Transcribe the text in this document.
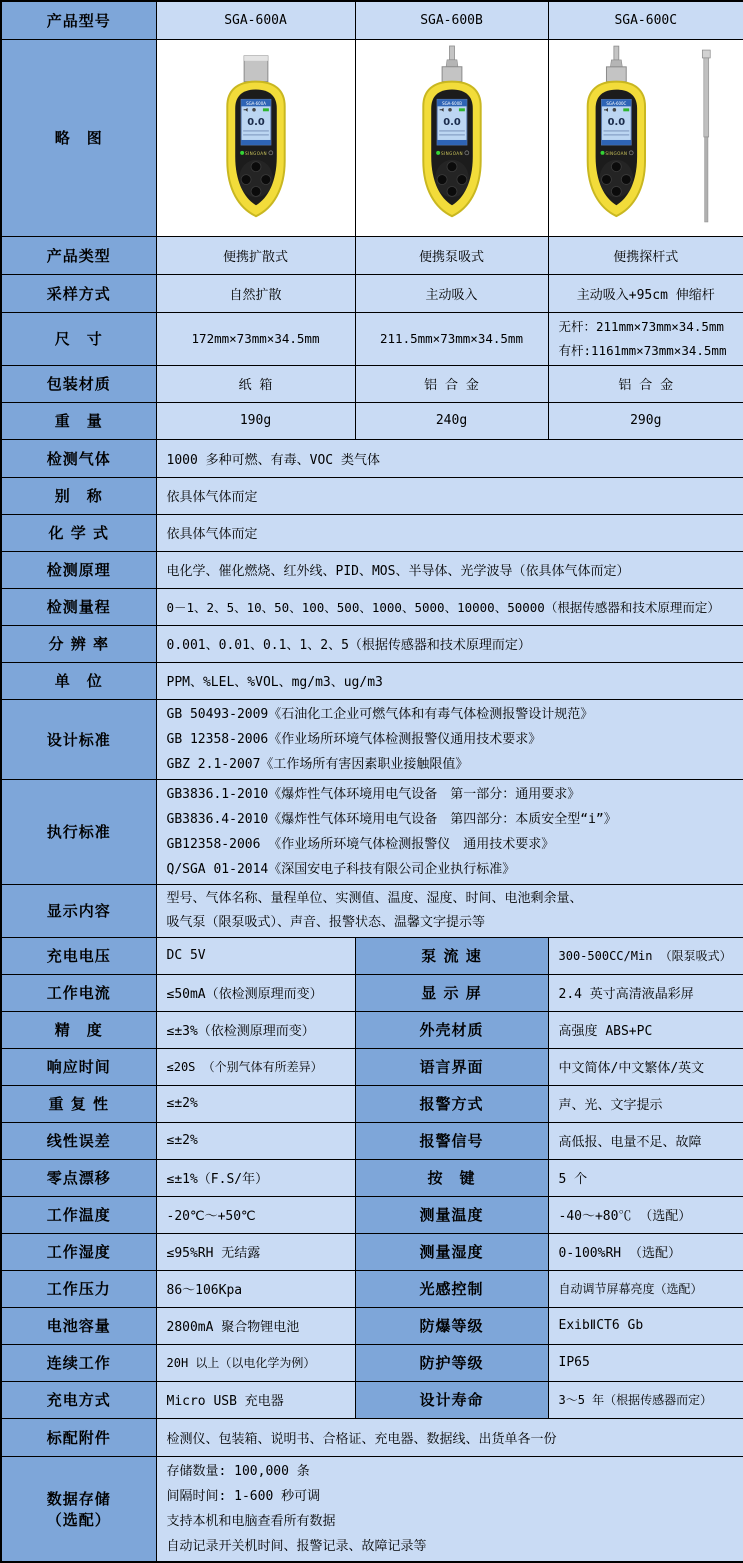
产品型号	SGA-600A	SGA-600B	SGA-600C
略　图	SGA-600A
0.0
SINGOAN	SGA-600B
0.0
SINGOAN	SGA-600C
0.0
SINGOAN

产品类型	便携扩散式	便携泵吸式	便携探杆式
采样方式	自然扩散	主动吸入	主动吸入+95cm 伸缩杆
尺　寸	172mm×73mm×34.5mm	211.5mm×73mm×34.5mm	无杆：211mm×73mm×34.5mm
有杆:1161mm×73mm×34.5mm

包装材质	纸 箱	铝 合 金	铝 合 金
重　量	190g	240g	290g
检测气体	1000 多种可燃、有毒、VOC 类气体		
别　称	依具体气体而定		
化 学 式	依具体气体而定		
检测原理	电化学、催化燃烧、红外线、PID、MOS、半导体、光学波导（依具体气体而定）		
检测量程	0－1、2、5、10、50、100、500、1000、5000、10000、50000（根据传感器和技术原理而定）		
分 辨 率	0.001、0.01、0.1、1、2、5（根据传感器和技术原理而定）		
单　位	PPM、%LEL、%VOL、mg/m3、ug/m3		
设计标准	GB 50493-2009《石油化工企业可燃气体和有毒气体检测报警设计规范》
GB 12358-2006《作业场所环境气体检测报警仪通用技术要求》
GBZ 2.1-2007《工作场所有害因素职业接触限值》		

执行标准	GB3836.1-2010《爆炸性气体环境用电气设备　第一部分：通用要求》
GB3836.4-2010《爆炸性气体环境用电气设备　第四部分：本质安全型“i”》
GB12358-2006 《作业场所环境气体检测报警仪　通用技术要求》
Q/SGA 01-2014《深国安电子科技有限公司企业执行标准》		

显示内容	型号、气体名称、量程单位、实测值、温度、湿度、时间、电池剩余量、
吸气泵（限泵吸式）、声音、报警状态、温馨文字提示等		

充电电压	DC 5V	泵 流 速	300-500CC/Min （限泵吸式）
工作电流	≤50mA（依检测原理而变）	显 示 屏	2.4 英寸高清液晶彩屏
精　度	≤±3%（依检测原理而变）	外壳材质	高强度 ABS+PC
响应时间	≤20S （个别气体有所差异）	语言界面	中文简体/中文繁体/英文
重 复 性	≤±2%	报警方式	声、光、文字提示
线性误差	≤±2%	报警信号	高低报、电量不足、故障
零点漂移	≤±1%（F.S/年）	按　键	5 个
工作温度	-20℃～+50℃	测量温度	-40～+80℃ （选配）
工作湿度	≤95%RH 无结露	测量湿度	0-100%RH （选配）
工作压力	86～106Kpa	光感控制	自动调节屏幕亮度（选配）
电池容量	2800mA 聚合物锂电池	防爆等级	ExibⅡCT6 Gb
连续工作	20H 以上（以电化学为例）	防护等级	IP65
充电方式	Micro USB 充电器	设计寿命	3～5 年（根据传感器而定）
标配附件	检测仪、包装箱、说明书、合格证、充电器、数据线、出货单各一份		

数据存储
（选配）

存储数量: 100,000 条
间隔时间: 1-600 秒可调
支持本机和电脑查看所有数据
自动记录开关机时间、报警记录、故障记录等
